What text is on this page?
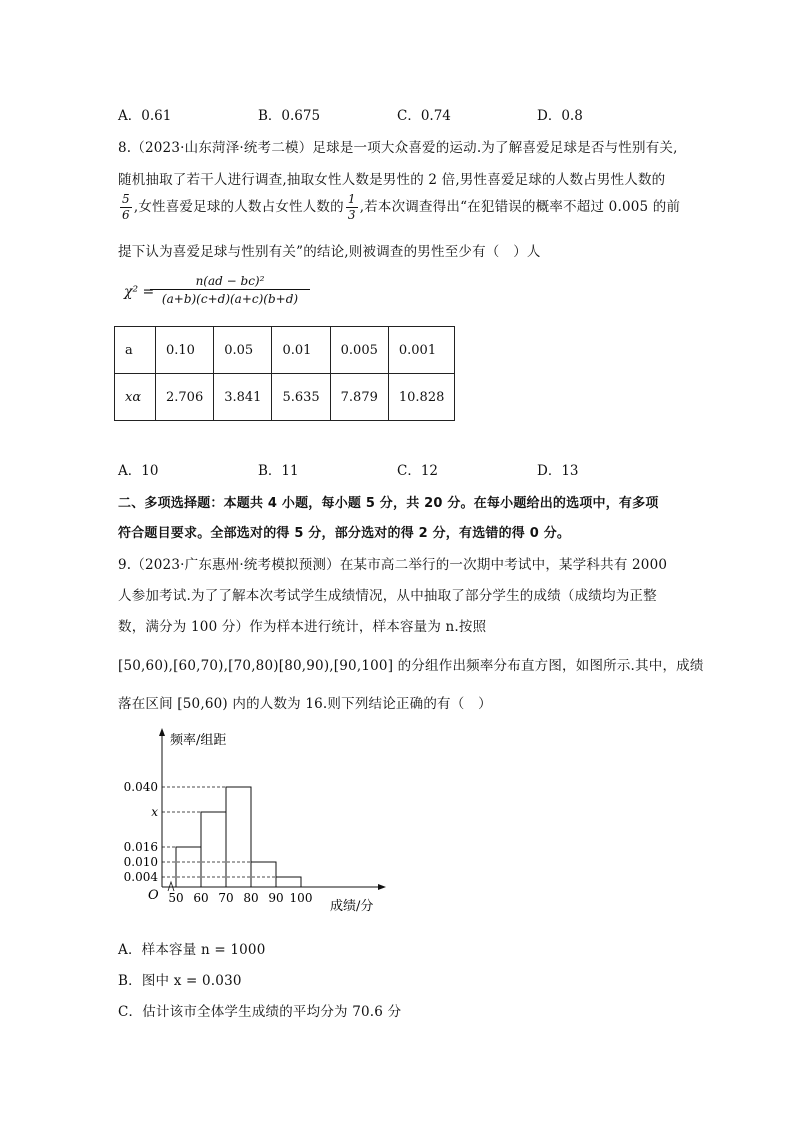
A．0.61	B．0.675	C．0.74	D．0.8
8.（2023·山东菏泽·统考二模）足球是一项大众喜爱的运动.为了解喜爱足球是否与性别有关,
随机抽取了若干人进行调查,抽取女性人数是男性的 2 倍,男性喜爱足球的人数占男性人数的
$\frac{5}{6}$ ,女性喜爱足球的人数占女性人数的 $\frac{1}{3}$ ,若本次调查得出“在犯错误的概率不超过 0.005 的前
提下认为喜爱足球与性别有关”的结论,则被调查的男性至少有（　）人
χ² =
$\frac{\text{n(ad − bc)²}}{(a+b)(c+d)(a+c)(b+d)}$
a	0.10	0.05	0.01	0.005	0.001
xα	2.706	3.841	5.635	7.879	10.828
A．10	B．11	C．12	D．13
二、多项选择题：本题共 4 小题，每小题 5 分，共 20 分。在每小题给出的选项中，有多项
符合题目要求。全部选对的得 5 分，部分选对的得 2 分，有选错的得 0 分。
9.（2023·广东惠州·统考模拟预测）在某市高二举行的一次期中考试中，某学科共有 2000
人参加考试.为了了解本次考试学生成绩情况，从中抽取了部分学生的成绩（成绩均为正整
数，满分为 100 分）作为样本进行统计，样本容量为 n.按照
[50,60),[60,70),[70,80)[80,90),[90,100] 的分组作出频率分布直方图，如图所示.其中，成绩
落在区间 [50,60) 内的人数为 16.则下列结论正确的有（　）
0.040
x
0.016
0.010
0.004
50 60 70 80 90 100
O
频率/组距
成绩/分
A．样本容量 n = 1000
B．图中 x = 0.030
C．估计该市全体学生成绩的平均分为 70.6 分
